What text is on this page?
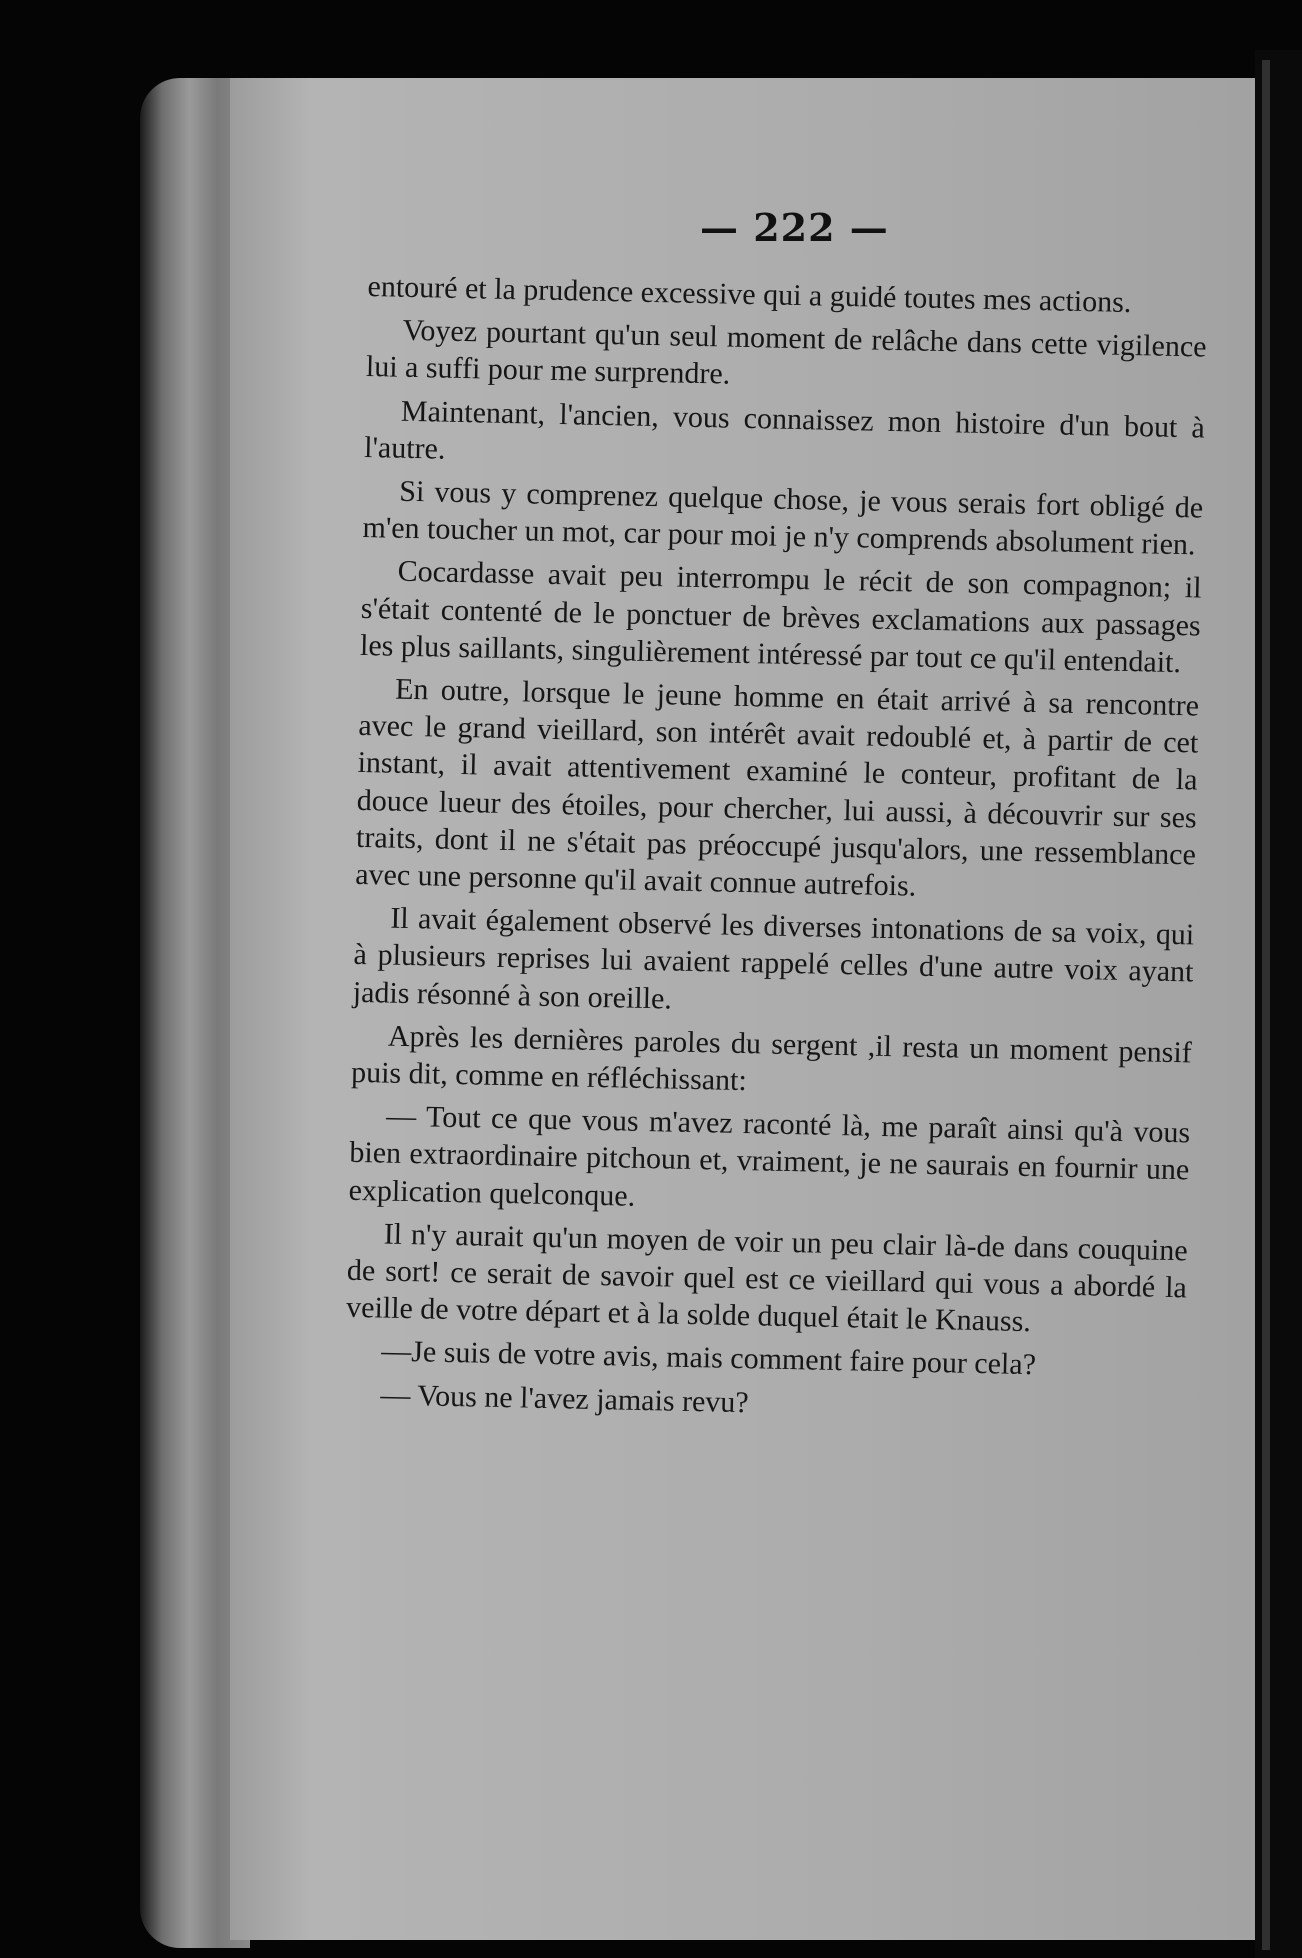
— 222 —

entouré et la prudence excessive qui a guidé toutes mes actions.

Voyez pourtant qu'un seul moment de relâche dans cette vigilence lui a suffi pour me surprendre.

Maintenant, l'ancien, vous connaissez mon histoire d'un bout à l'autre.

Si vous y comprenez quelque chose, je vous serais fort obligé de m'en toucher un mot, car pour moi je n'y comprends absolument rien.

Cocardasse avait peu interrompu le récit de son compagnon; il s'était contenté de le ponctuer de brèves exclamations aux passages les plus saillants, singulièrement intéressé par tout ce qu'il entendait.

En outre, lorsque le jeune homme en était arrivé à sa rencontre avec le grand vieillard, son intérêt avait redoublé et, à partir de cet instant, il avait attentivement examiné le conteur, profitant de la douce lueur des étoiles, pour chercher, lui aussi, à découvrir sur ses traits, dont il ne s'était pas préoccupé jusqu'alors, une ressemblance avec une personne qu'il avait connue autrefois.

Il avait également observé les diverses intonations de sa voix, qui à plusieurs reprises lui avaient rappelé celles d'une autre voix ayant jadis résonné à son oreille.

Après les dernières paroles du sergent ,il resta un moment pensif puis dit, comme en réfléchissant:

— Tout ce que vous m'avez raconté là, me paraît ainsi qu'à vous bien extraordinaire pitchoun et, vraiment, je ne saurais en fournir une explication quelconque.

Il n'y aurait qu'un moyen de voir un peu clair là-de dans couquine de sort! ce serait de savoir quel est ce vieillard qui vous a abordé la veille de votre départ et à la solde duquel était le Knauss.

—Je suis de votre avis, mais comment faire pour cela?

— Vous ne l'avez jamais revu?
